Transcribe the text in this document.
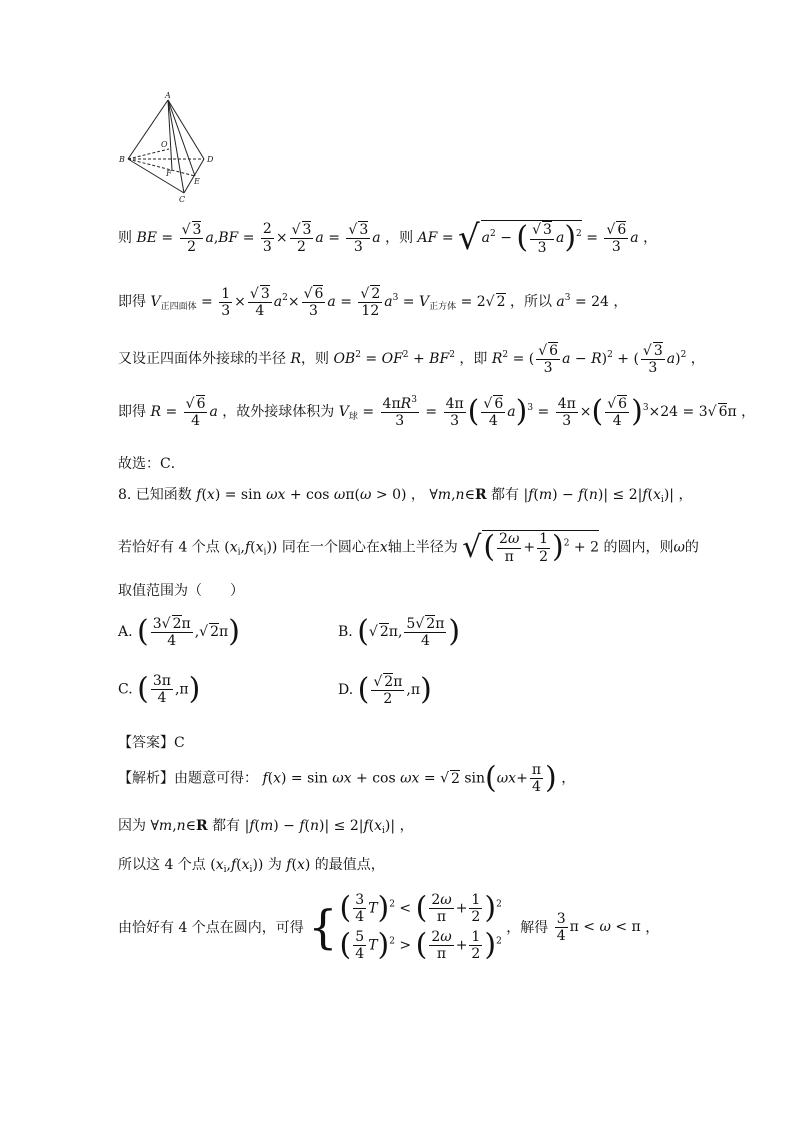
A
O
B	D
F
E
C
则 BE = $\frac{√ 3}{2} a,BF = \frac{2}{3} \times \frac{√ 3}{2}$ $a = \frac{√ 3}{3}$ a ，则 AF = √ $a^2$ − ( $\frac{√ 3}{3} a)^2 = \frac{√ 6}{3}$ a ，
即得 $V_{正四面体} = \frac{1}{3} \times \frac{√ 3}{4} a^2\times \frac{√ 6}{3}$ $a = \frac{√ 2}{12} a^3 = V_{正方体} = 2√$ 2 ，所以 $a^3 = 24$ ，
又设正四面体外接球的半径 R，则 $OB^2 = OF^2 + BF^2$ ，即 $R^2$ = ( $\frac{√ 6}{3}$ a − R)$^2$ + ( $\frac{√ 3}{3} a)^2$ ，
即得 $R = \frac{√ 6}{4}$ a ，故外接球体积为 $V_球 = \frac{4\pi R^3}{3} = \frac{4\pi}{3}$ ( $\frac{√ 6}{4} a)^3 = \frac{4\pi}{3}$ ×( $\frac{√ 6}{4} )^3\times 24 = 3√$ 6π ，
故选：C．
8. 已知函数 f(x) = sin ωx + cos ωπ(ω > 0) ， ∀m,n∈R 都有 $|f(m) - f(n)| \le 2|f(x_i)|$ ，
若恰好有 4 个点 $(x_i,f(x_i))$ 同在一个圆心在x轴上半径为 √( $\frac{2\omega}{\pi} + \frac{1}{2} )^2 + 2$ 的圆内，则ω的
取值范围为（　　）
A. ( $\frac{3√ 2\pi}{4}$ ,√ 2π)	B. (√ 2π, $\frac{5√ 2\pi}{4}$ )
C. ( $\frac{3\pi}{4} ,\pi$)	D. ( $\frac{√ 2\pi}{2} ,\pi$)
【答案】C
【解析】由题意可得： f(x) = sin ωx + cos ωx = √ 2 $\sin(\omega x+ \frac{\pi}{4}$ ) ，
因为 ∀m,n∈R 都有 $|f(m) - f(n)| \le 2|f(x_i)|$ ，
所以这 4 个点 $(x_i,f(x_i))$ 为 f(x) 的最值点，
由恰好有 4 个点在圆内，可得 { ( $\frac{3}{4} T)^2$ < ( $\frac{2\omega}{\pi} + \frac{1}{2} )^2$
( $\frac{5}{4} T)^2$ > ( $\frac{2\omega}{\pi} + \frac{1}{2} )^2$
，解得 $\frac{3}{4}$ π < ω < π ，
